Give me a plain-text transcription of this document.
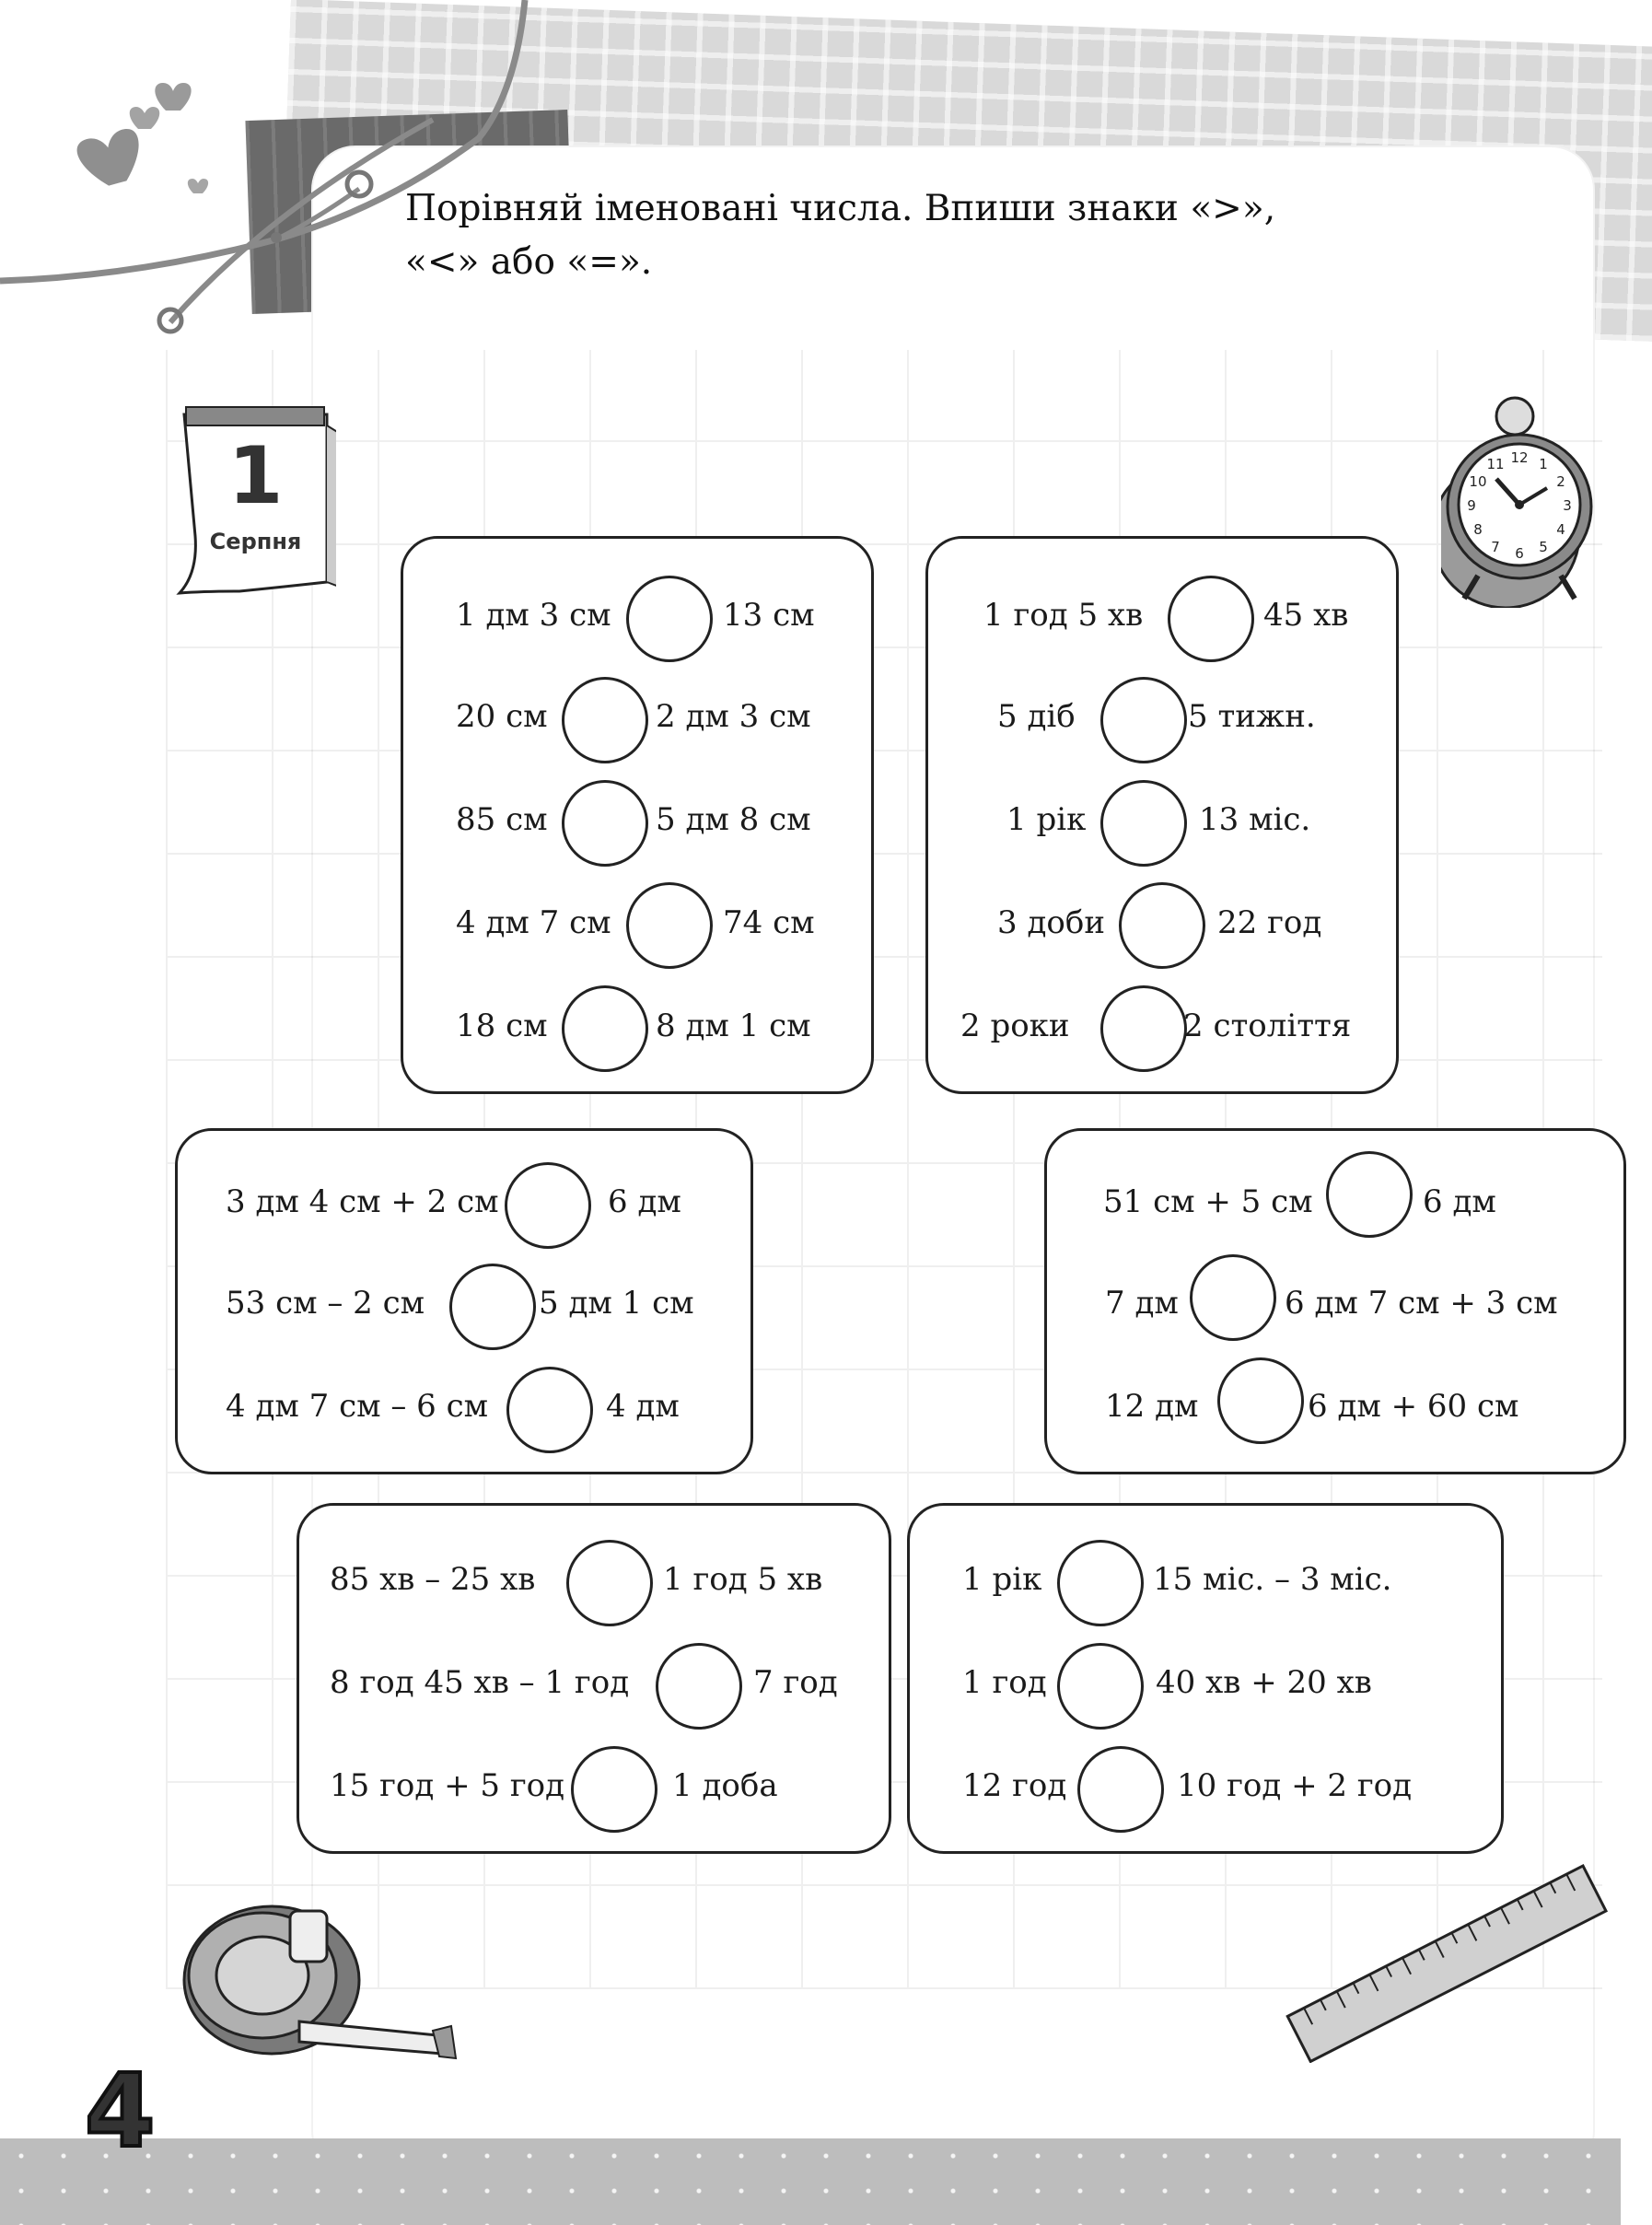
Порівняй іменовані числа. Впиши знаки «>»,
«<» або «=».
1
Серпня
12 1
2
3
4
5
6
7
8
9
10
11
1 дм 3 см	13 см
20 см	2 дм 3 см
85 см	5 дм 8 см
4 дм 7 см	74 см
18 см	8 дм 1 см
1 год 5 хв	45 хв
5 діб	5 тижн.
1 рік	13 міс.
3 доби	22 год
2 роки	2 століття
3 дм 4 см + 2 см	6 дм
53 см – 2 см	5 дм 1 см
4 дм 7 см – 6 см	4 дм
51 см + 5 см	6 дм
7 дм	6 дм 7 см + 3 см
12 дм	6 дм + 60 см
85 хв – 25 хв	1 год 5 хв
8 год 45 хв – 1 год	7 год
15 год + 5 год	1 доба
1 рік	15 міс. – 3 міс.
1 год	40 хв + 20 хв
12 год	10 год + 2 год
4
